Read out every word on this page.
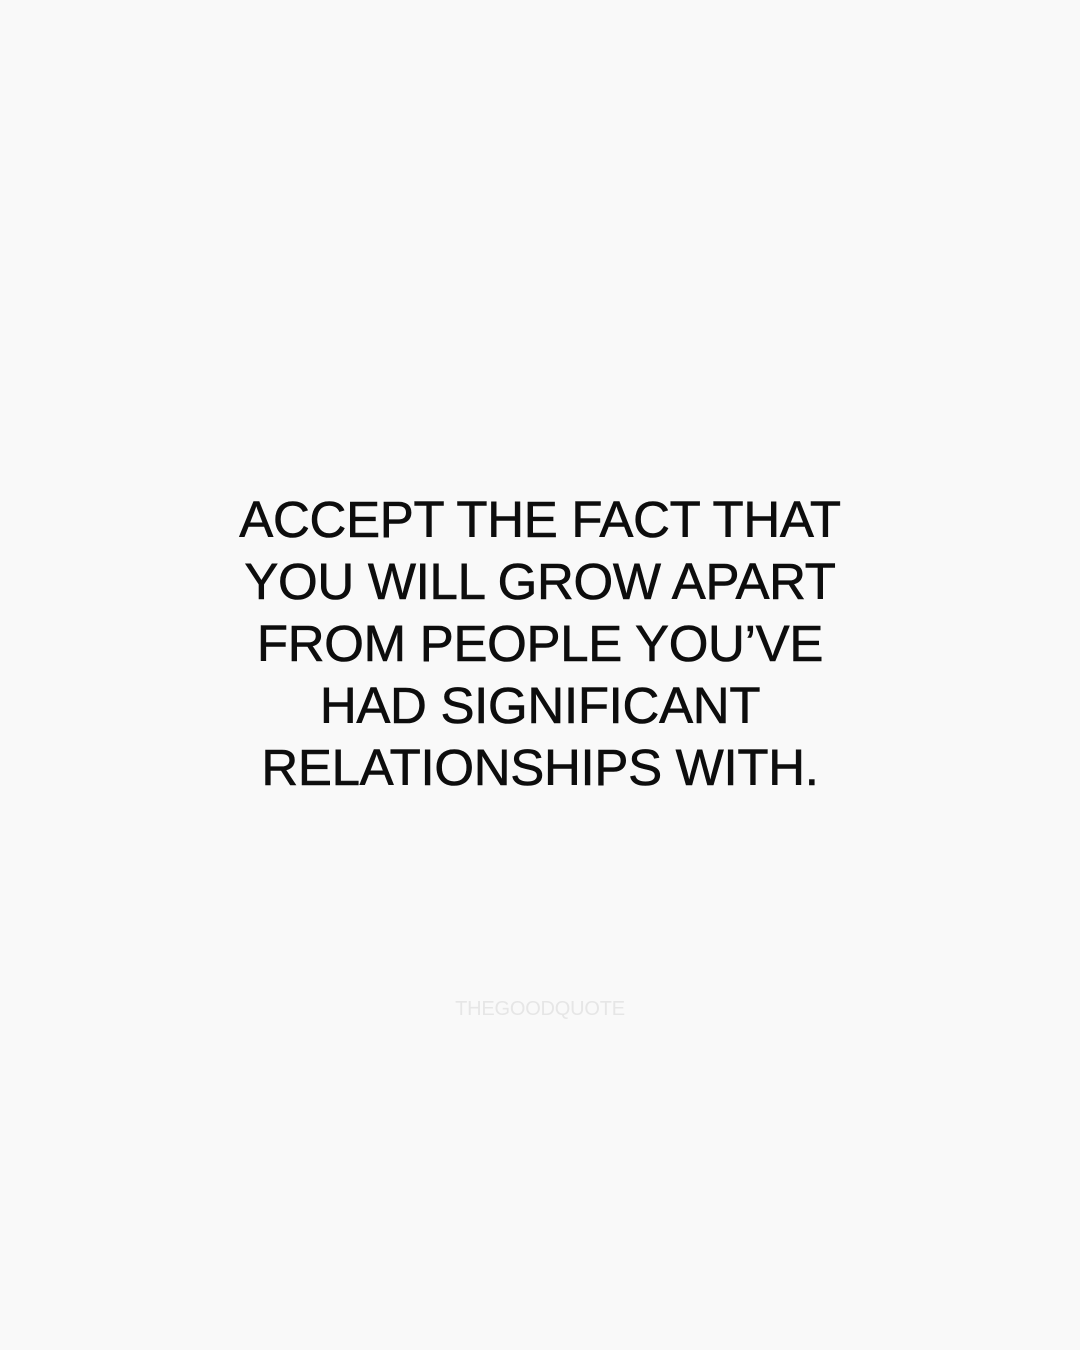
ACCEPT THE FACT THAT
YOU WILL GROW APART
FROM PEOPLE YOU’VE
HAD SIGNIFICANT
RELATIONSHIPS WITH.
THEGOODQUOTE
